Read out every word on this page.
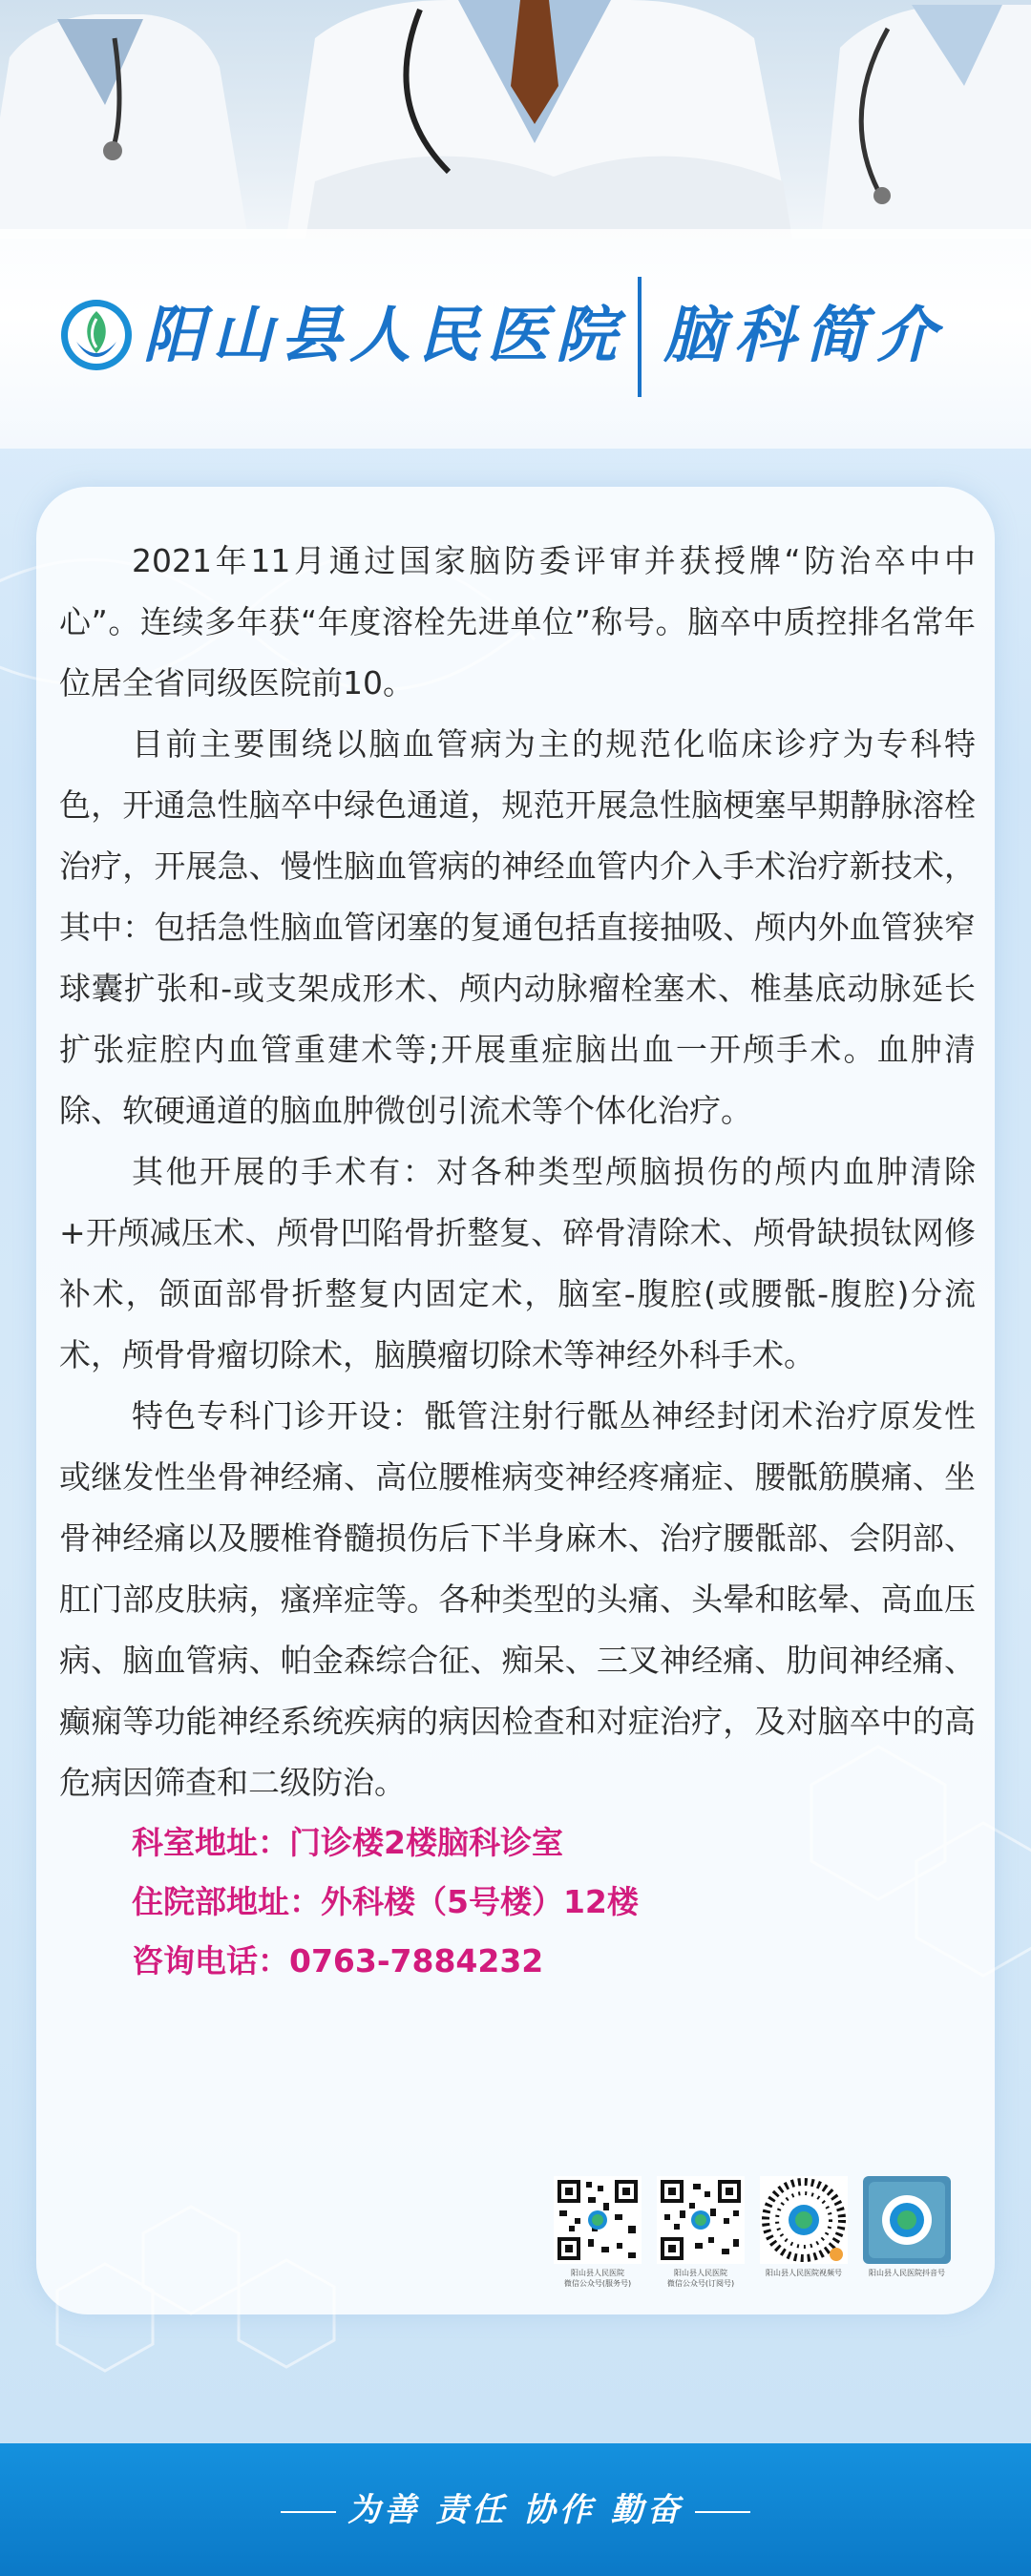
阳山县人民医院 脑科简介

2021年11月通过国家脑防委评审并获授牌“防治卒中中心”。连续多年获“年度溶栓先进单位”称号。脑卒中质控排名常年位居全省同级医院前10。

目前主要围绕以脑血管病为主的规范化临床诊疗为专科特色，开通急性脑卒中绿色通道，规范开展急性脑梗塞早期静脉溶栓治疗，开展急、慢性脑血管病的神经血管内介入手术治疗新技术，其中：包括急性脑血管闭塞的复通包括直接抽吸、颅内外血管狭窄球囊扩张和-或支架成形术、颅内动脉瘤栓塞术、椎基底动脉延长扩张症腔内血管重建术等;开展重症脑出血一开颅手术。血肿清除、软硬通道的脑血肿微创引流术等个体化治疗。

其他开展的手术有：对各种类型颅脑损伤的颅内血肿清除+开颅减压术、颅骨凹陷骨折整复、碎骨清除术、颅骨缺损钛网修补术，颌面部骨折整复内固定术，脑室-腹腔(或腰骶-腹腔)分流术，颅骨骨瘤切除术，脑膜瘤切除术等神经外科手术。

特色专科门诊开设：骶管注射行骶丛神经封闭术治疗原发性或继发性坐骨神经痛、高位腰椎病变神经疼痛症、腰骶筋膜痛、坐骨神经痛以及腰椎脊髓损伤后下半身麻木、治疗腰骶部、会阴部、肛门部皮肤病，瘙痒症等。各种类型的头痛、头晕和眩晕、高血压病、脑血管病、帕金森综合征、痴呆、三叉神经痛、肋间神经痛、癫痫等功能神经系统疾病的病因检查和对症治疗，及对脑卒中的高危病因筛查和二级防治。

科室地址：门诊楼2楼脑科诊室
住院部地址：外科楼（5号楼）12楼
咨询电话：0763-7884232
阳山县人民医院
微信公众号(服务号)
阳山县人民医院
微信公众号(订阅号)
阳山县人民医院视频号	阳山县人民医院抖音号
为善 责任 协作 勤奋
